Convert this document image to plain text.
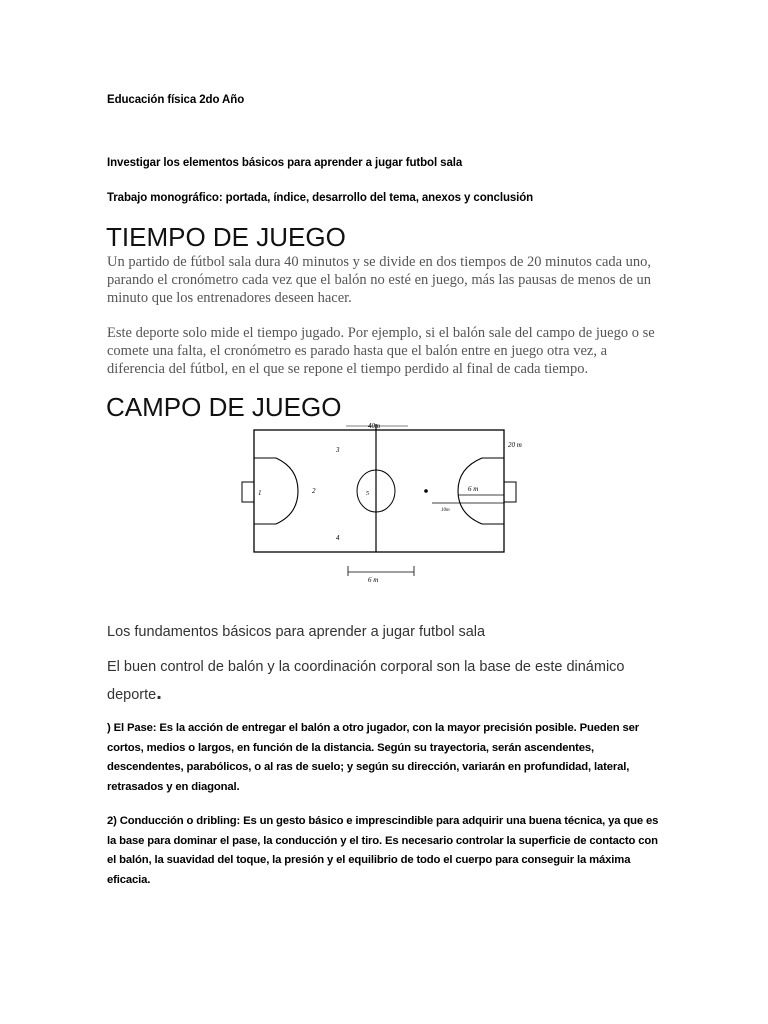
Educación física 2do Año
Investigar los elementos básicos para aprender a jugar futbol sala
Trabajo monográfico: portada, índice, desarrollo del tema, anexos y conclusión
TIEMPO DE JUEGO
Un partido de fútbol sala dura 40 minutos y se divide en dos tiempos de 20 minutos cada uno, parando el cronómetro cada vez que el balón no esté en juego, más las pausas de menos de un minuto que los entrenadores deseen hacer.
Este deporte solo mide el tiempo jugado. Por ejemplo, si el balón sale del campo de juego o se comete una falta, el cronómetro es parado hasta que el balón entre en juego otra vez, a diferencia del fútbol, en el que se repone el tiempo perdido al final de cada tiempo.
CAMPO DE JUEGO
40m
20 m
6 m
10m
6 m
1	2
3
4
5
Los fundamentos básicos para aprender a jugar futbol sala
El buen control de balón y la coordinación corporal son la base de este dinámico deporte.
) El Pase: Es la acción de entregar el balón a otro jugador, con la mayor precisión posible. Pueden ser cortos, medios o largos, en función de la distancia. Según su trayectoria, serán ascendentes, descendentes, parabólicos, o al ras de suelo; y según su dirección, variarán en profundidad, lateral, retrasados y en diagonal.
2) Conducción o dribling: Es un gesto básico e imprescindible para adquirir una buena técnica, ya que es la base para dominar el pase, la conducción y el tiro. Es necesario controlar la superficie de contacto con el balón, la suavidad del toque, la presión y el equilibrio de todo el cuerpo para conseguir la máxima eficacia.
